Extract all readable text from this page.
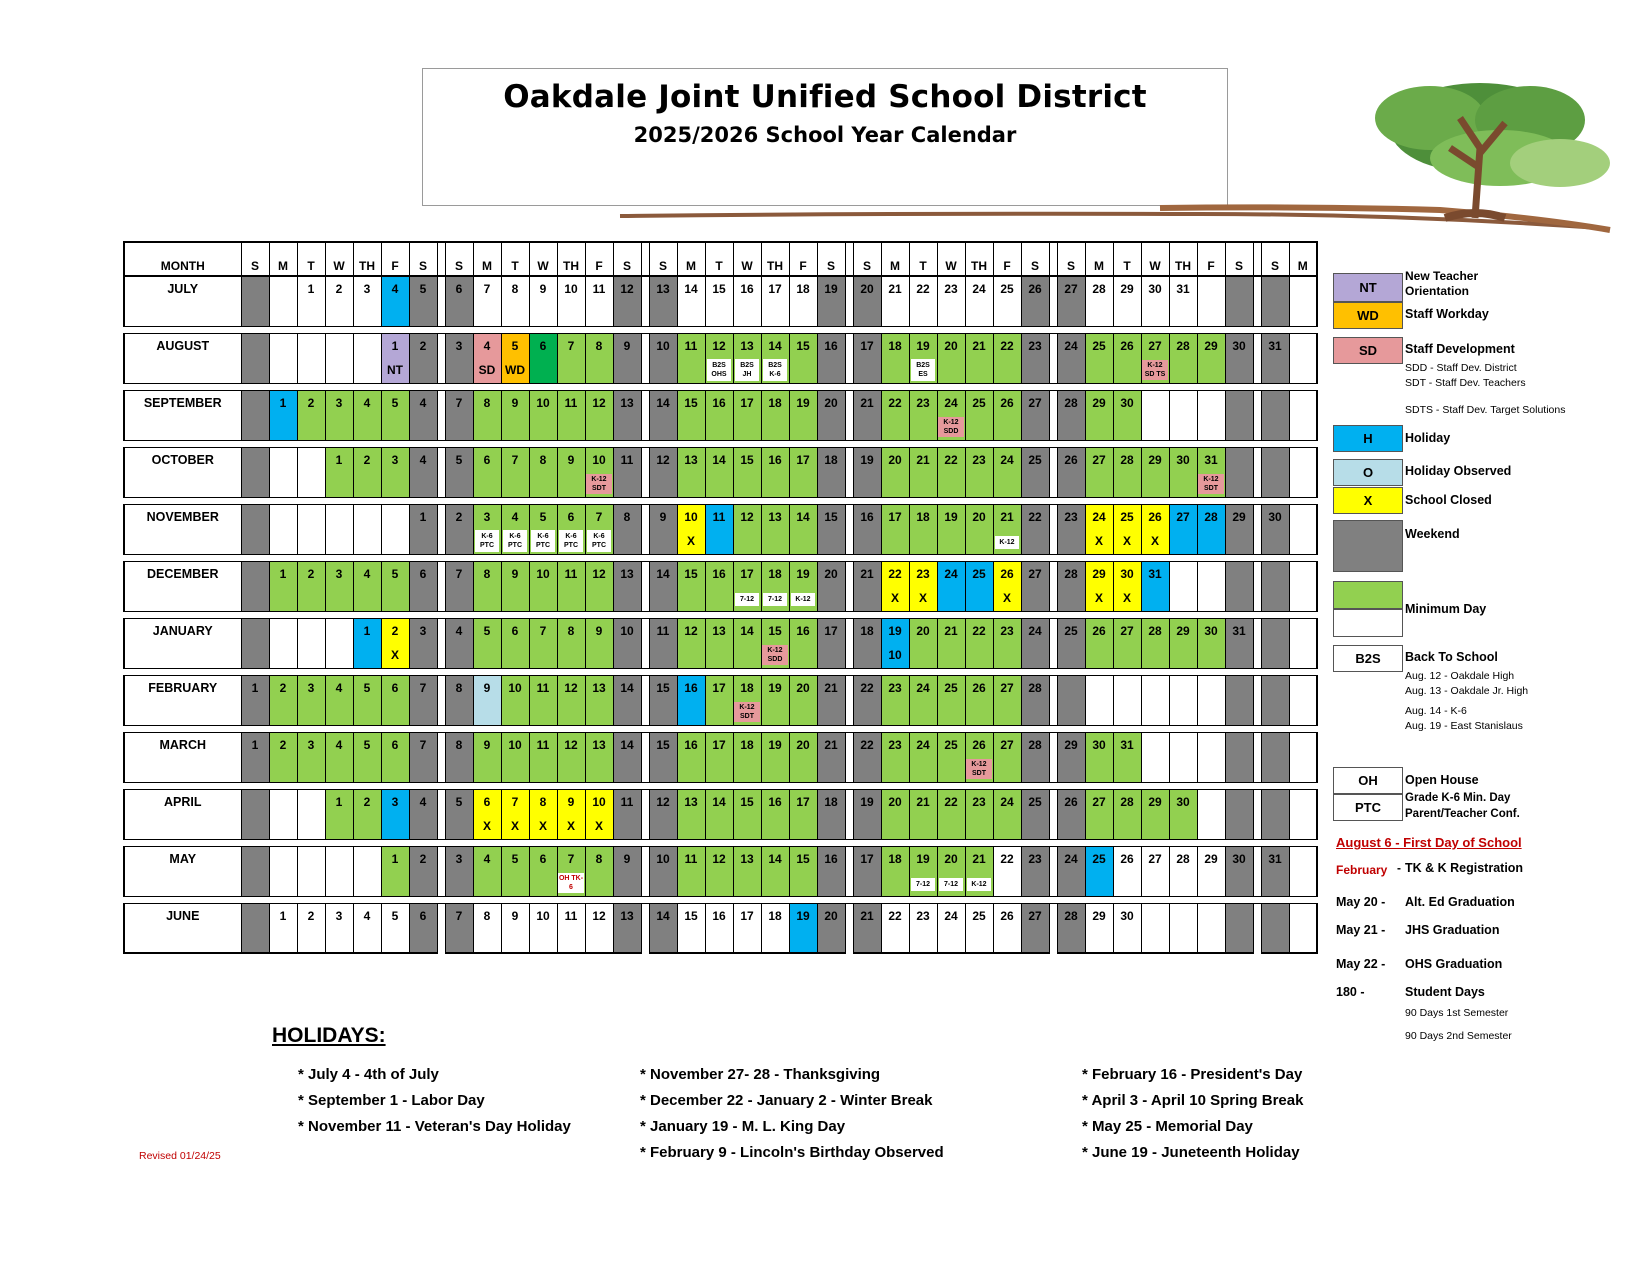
Oakdale Joint Unified School District
2025/2026 School Year Calendar
MONTH	S	M	T	W	TH	F	S		S	M	T	W	TH	F	S		S	M	T	W	TH	F	S		S	M	T	W	TH	F	S		S	M	T	W	TH	F	S		S	M
JULY			1	2	3	4	5		6	7	8	9	10	11	12		13	14	15	16	17	18	19		20	21	22	23	24	25	26		27	28	29	30	31					

AUGUST						1	2		3	4	5	6	7	8	9		10	11	12	13	14	15	16		17	18	19	20	21	22	23		24	25	26	27	28	29	30		31	
						NT				SD	WD								B2S OHS	B2S JH	B2S K-6						B2S ES									K-12 SD TS						

SEPTEMBER		1	2	3	4	5	4		7	8	9	10	11	12	13		14	15	16	17	18	19	20		21	22	23	24	25	26	27		28	29	30							
																												K-12 SDD														

OCTOBER				1	2	3	4		5	6	7	8	9	10	11		12	13	14	15	16	17	18		19	20	21	22	23	24	25		26	27	28	29	30	31				
														K-12 SDT																								K-12 SDT				

NOVEMBER							1		2	3	4	5	6	7	8		9	10	11	12	13	14	15		16	17	18	19	20	21	22		23	24	25	26	27	28	29		30	
										K-6 PTC	K-6 PTC	K-6 PTC	K-6 PTC	K-6 PTC				X												K-12				X	X	X						

DECEMBER		1	2	3	4	5	6		7	8	9	10	11	12	13		14	15	16	17	18	19	20		21	22	23	24	25	26	27		28	29	30	31						
																				7-12	7-12	K-12				X	X			X				X	X							

JANUARY					1	2	3		4	5	6	7	8	9	10		11	12	13	14	15	16	17		18	19	20	21	22	23	24		25	26	27	28	29	30	31			
						X															K-12 SDD					10																

FEBRUARY	1	2	3	4	5	6	7		8	9	10	11	12	13	14		15	16	17	18	19	20	21		22	23	24	25	26	27	28											
																				K-12 SDT																						

MARCH	1	2	3	4	5	6	7		8	9	10	11	12	13	14		15	16	17	18	19	20	21		22	23	24	25	26	27	28		29	30	31							
																													K-12 SDT													

APRIL				1	2	3	4		5	6	7	8	9	10	11		12	13	14	15	16	17	18		19	20	21	22	23	24	25		26	27	28	29	30					
										X	X	X	X	X																												

MAY						1	2		3	4	5	6	7	8	9		10	11	12	13	14	15	16		17	18	19	20	21	22	23		24	25	26	27	28	29	30		31	
													OH TK-6														7-12	7-12	K-12													

JUNE		1	2	3	4	5	6		7	8	9	10	11	12	13		14	15	16	17	18	19	20		21	22	23	24	25	26	27		28	29	30							

NT
New Teacher
Orientation
WD	Staff Workday
SD	Staff Development
SDD - Staff Dev. District
SDT - Staff Dev. Teachers
SDTS - Staff Dev. Target Solutions
H	Holiday
O	Holiday Observed
X	School Closed
Weekend
Minimum Day
B2S	Back To School
Aug. 12 - Oakdale High
Aug. 13 - Oakdale Jr. High
Aug. 14 - K-6
Aug. 19 - East Stanislaus
OH	Open House
PTC
Grade K-6 Min. Day
Parent/Teacher Conf.
August 6 - First Day of School
February - TK & K Registration
May 20 - Alt. Ed Graduation
May 21 - JHS Graduation
May 22 - OHS Graduation
180 -	Student Days
90 Days 1st Semester
90 Days 2nd Semester
HOLIDAYS:
* July 4 - 4th of July
* September 1 - Labor Day
* November 11 - Veteran's Day Holiday
* November 27- 28 - Thanksgiving
* December 22 - January 2 - Winter Break
* January 19 - M. L. King Day
* February 9 - Lincoln's Birthday Observed
* February 16 - President's Day
* April 3 - April 10 Spring Break
* May 25 - Memorial Day
* June 19 - Juneteenth Holiday
Revised 01/24/25
